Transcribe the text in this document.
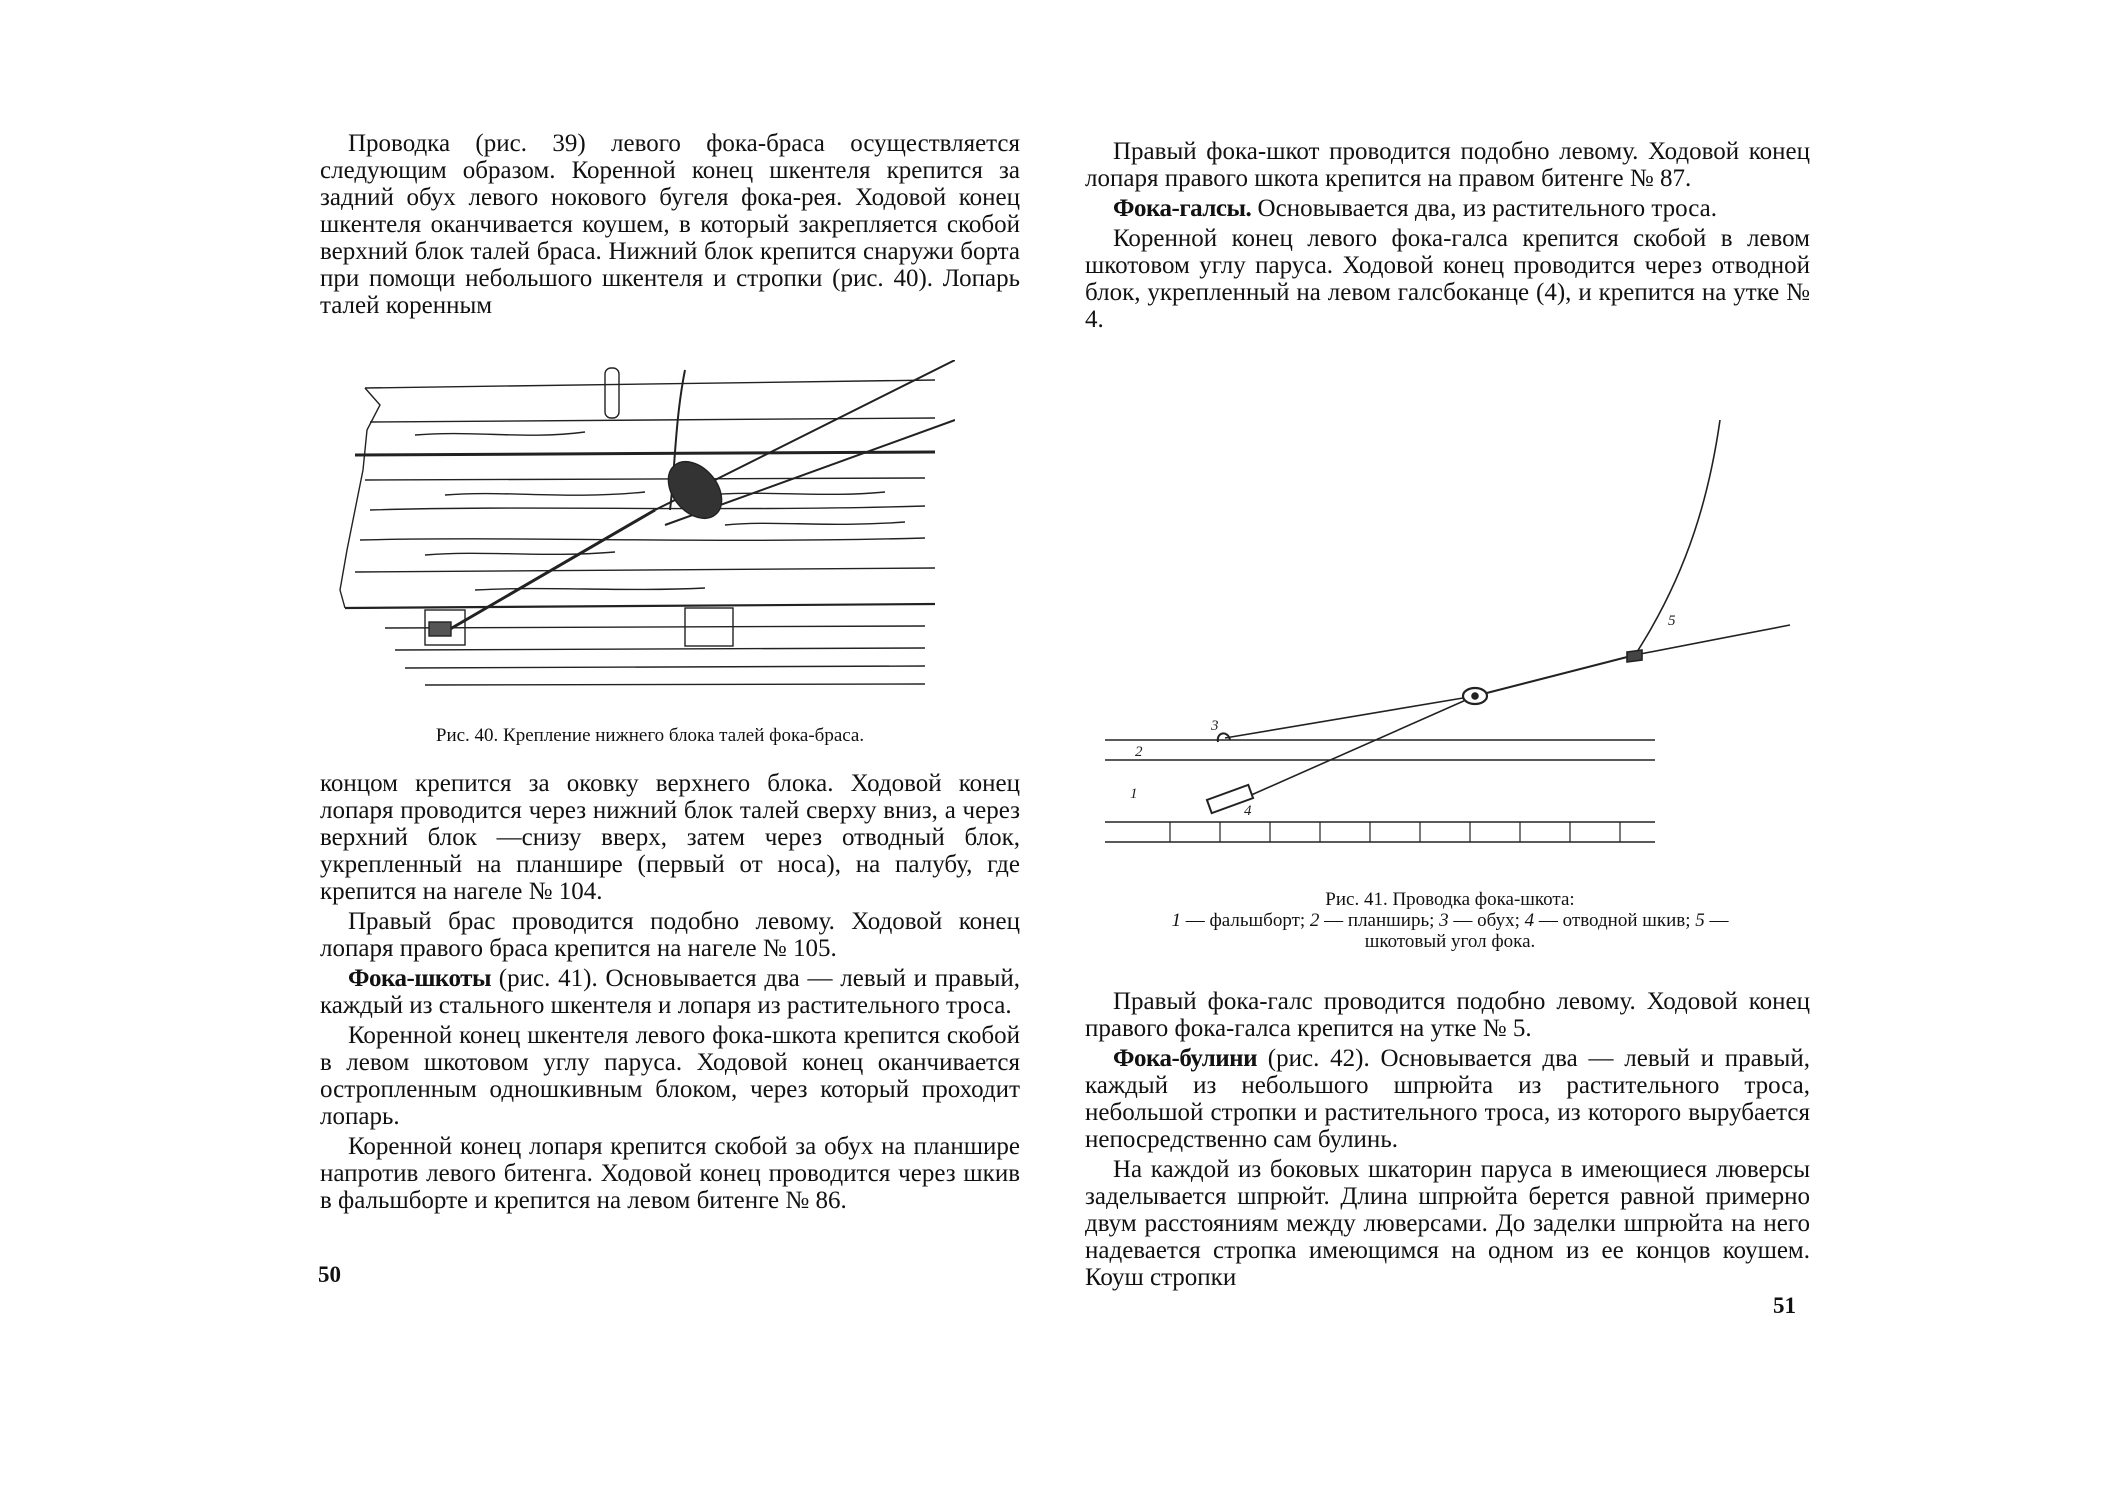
Проводка (рис. 39) левого фока-браса осуществляется следующим образом. Коренной конец шкентеля крепится за задний обух левого нокового бугеля фока-рея. Ходовой конец шкентеля оканчивается коушем, в который закрепляется скобой верхний блок талей браса. Нижний блок крепится снаружи борта при помощи небольшого шкентеля и стропки (рис. 40). Лопарь талей коренным

Рис. 40. Крепление нижнего блока талей фока-браса.

концом крепится за оковку верхнего блока. Ходовой конец лопаря проводится через нижний блок талей сверху вниз, а через верхний блок —снизу вверх, затем через отводный блок, укрепленный на планшире (первый от носа), на палубу, где крепится на нагеле № 104.

Правый брас проводится подобно левому. Ходовой конец лопаря правого браса крепится на нагеле № 105.

Фока-шкоты (рис. 41). Основывается два — левый и правый, каждый из стального шкентеля и лопаря из растительного троса.

Коренной конец шкентеля левого фока-шкота крепится скобой в левом шкотовом углу паруса. Ходовой конец оканчивается остропленным одношкивным блоком, через который проходит лопарь.

Коренной конец лопаря крепится скобой за обух на планшире напротив левого битенга. Ходовой конец проводится через шкив в фальшборте и крепится на левом битенге № 86.

50

Правый фока-шкот проводится подобно левому. Ходовой конец лопаря правого шкота крепится на правом битенге № 87.

Фока-галсы. Основывается два, из растительного троса.

Коренной конец левого фока-галса крепится скобой в левом шкотовом углу паруса. Ходовой конец проводится через отводной блок, укрепленный на левом галсбоканце (4), и крепится на утке № 4.

1
2
3
4
5
Рис. 41. Проводка фока-шкота:
1 — фальшборт; 2 — планширь; 3 — обух; 4 — отводной шкив; 5 — шкотовый угол фока.

Правый фока-галс проводится подобно левому. Ходовой конец правого фока-галса крепится на утке № 5.

Фока-булини (рис. 42). Основывается два — левый и правый, каждый из небольшого шпрюйта из растительного троса, небольшой стропки и растительного троса, из которого вырубается непосредственно сам булинь.

На каждой из боковых шкаторин паруса в имеющиеся люверсы заделывается шпрюйт. Длина шпрюйта берется равной примерно двум расстояниям между люверсами. До заделки шпрюйта на него надевается стропка имеющимся на одном из ее концов коушем. Коуш стропки

51
